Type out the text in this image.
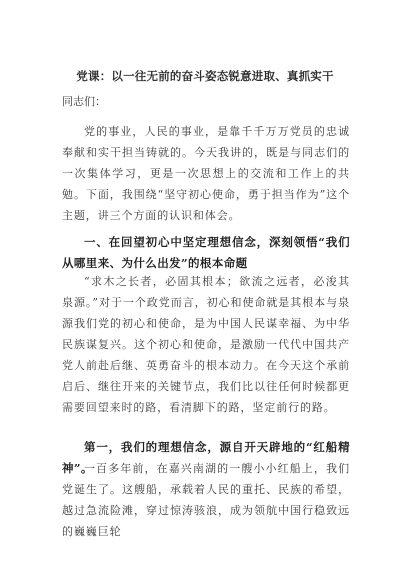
党课：以一往无前的奋斗姿态锐意进取、真抓实干
同志们：
党的事业，人民的事业，是靠千千万万党员的忠诚奉献和实干担当铸就的。今天我讲的，既是与同志们的一次集体学习，更是一次思想上的交流和工作上的共勉。下面，我围绕“坚守初心使命，勇于担当作为”这个主题，讲三个方面的认识和体会。
一、在回望初心中坚定理想信念，深刻领悟“我们从哪里来、为什么出发”的根本命题
“求木之长者，必固其根本；欲流之远者，必浚其泉源。”对于一个政党而言，初心和使命就是其根本与泉源我们党的初心和使命，是为中国人民谋幸福、为中华民族谋复兴。这个初心和使命，是激励一代代中国共产党人前赴后继、英勇奋斗的根本动力。在今天这个承前启后、继往开来的关键节点，我们比以往任何时候都更需要回望来时的路，看清脚下的路，坚定前行的路。
第一，我们的理想信念，源自开天辟地的“红船精神”。
一百多年前，在嘉兴南湖的一艘小小红船上，我们党诞生了。这艘船，承载着人民的重托、民族的希望，越过急流险滩，穿过惊涛骇浪，成为领航中国行稳致远的巍巍巨轮
